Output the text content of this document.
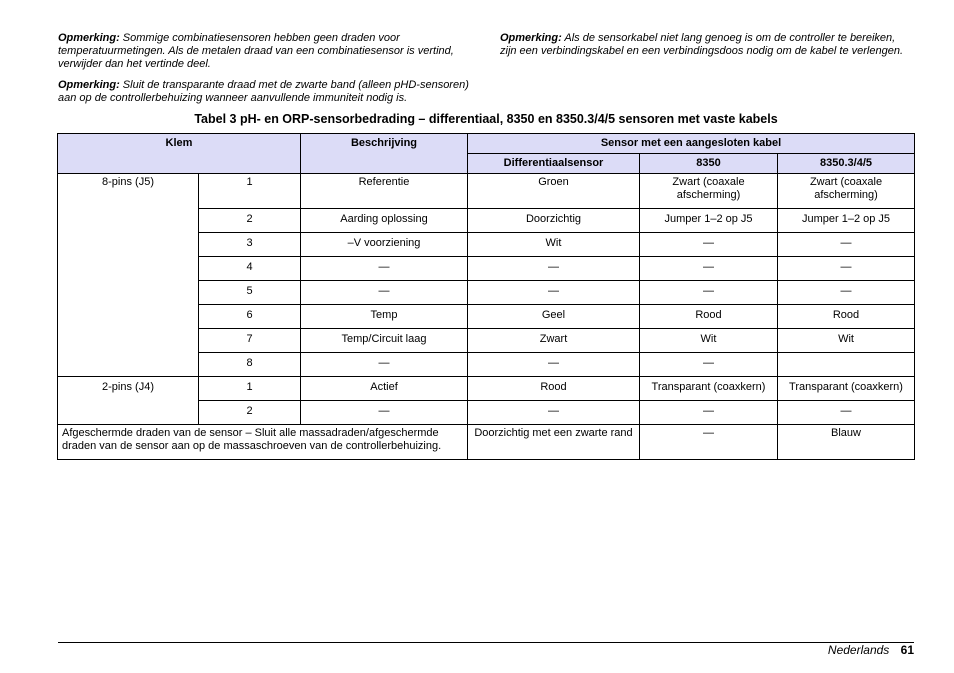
Opmerking: Sommige combinatiesensoren hebben geen draden voor temperatuurmetingen. Als de metalen draad van een combinatiesensor is vertind, verwijder dan het vertinde deel.

Opmerking: Sluit de transparante draad met de zwarte band (alleen pHD-sensoren) aan op de controllerbehuizing wanneer aanvullende immuniteit nodig is.

Opmerking: Als de sensorkabel niet lang genoeg is om de controller te bereiken, zijn een verbindingskabel en een verbindingsdoos nodig om de kabel te verlengen.

Tabel 3 pH- en ORP-sensorbedrading – differentiaal, 8350 en 8350.3/4/5 sensoren met vaste kabels
Klem		Beschrijving	Sensor met een aangesloten kabel		
			Differentiaalsensor	8350	8350.3/4/5
8-pins (J5)	1	Referentie	Groen	Zwart (coaxale afscherming)	Zwart (coaxale afscherming)
	2	Aarding oplossing	Doorzichtig	Jumper 1–2 op J5	Jumper 1–2 op J5
	3	–V voorziening	Wit	—	—
	4	—	—	—	—
	5	—	—	—	—
	6	Temp	Geel	Rood	Rood
	7	Temp/Circuit laag	Zwart	Wit	Wit
	8	—	—	—	
2-pins (J4)	1	Actief	Rood	Transparant (coaxkern)	Transparant (coaxkern)
	2	—	—	—	—
Afgeschermde draden van de sensor – Sluit alle massadraden/afgeschermde draden van de sensor aan op de massaschroeven van de controllerbehuizing.			Doorzichtig met een zwarte rand	—	Blauw
Nederlands 61
